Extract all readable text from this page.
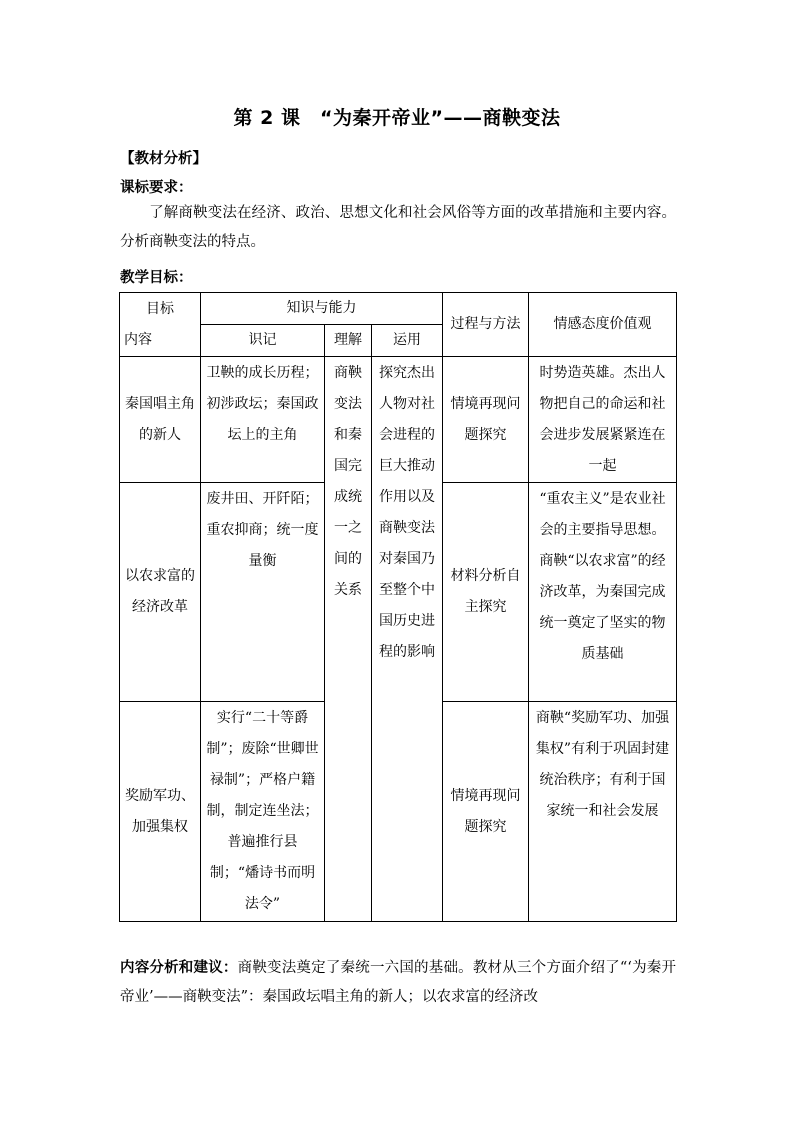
第 2 课　“为秦开帝业”——商鞅变法
【教材分析】
课标要求：
了解商鞅变法在经济、政治、思想文化和社会风俗等方面的改革措施和主要内容。分析商鞅变法的特点。
教学目标：
目标
内容	知识与能力			过程与方法	情感态度价值观
	识记	理解	运用		
秦国唱主角的新人	卫鞅的成长历程；初涉政坛；秦国政坛上的主角	商鞅变法和秦国完成统一之间的关系	探究杰出人物对社会进程的巨大推动作用以及商鞅变法对秦国乃至整个中国历史进程的影响	情境再现问题探究	时势造英雄。杰出人物把自己的命运和社会进步发展紧紧连在一起
以农求富的经济改革	废井田、开阡陌；重农抑商；统一度量衡			材料分析自主探究	“重农主义”是农业社会的主要指导思想。商鞅“以农求富”的经济改革，为秦国完成统一奠定了坚实的物质基础
奖励军功、加强集权	实行“二十等爵制”；废除“世卿世禄制”；严格户籍制，制定连坐法；普遍推行县制；“燔诗书而明法令”			情境再现问题探究	商鞅“奖励军功、加强集权”有利于巩固封建统治秩序；有利于国家统一和社会发展
内容分析和建议：商鞅变法奠定了秦统一六国的基础。教材从三个方面介绍了“‘为秦开帝业’——商鞅变法”：秦国政坛唱主角的新人；以农求富的经济改
